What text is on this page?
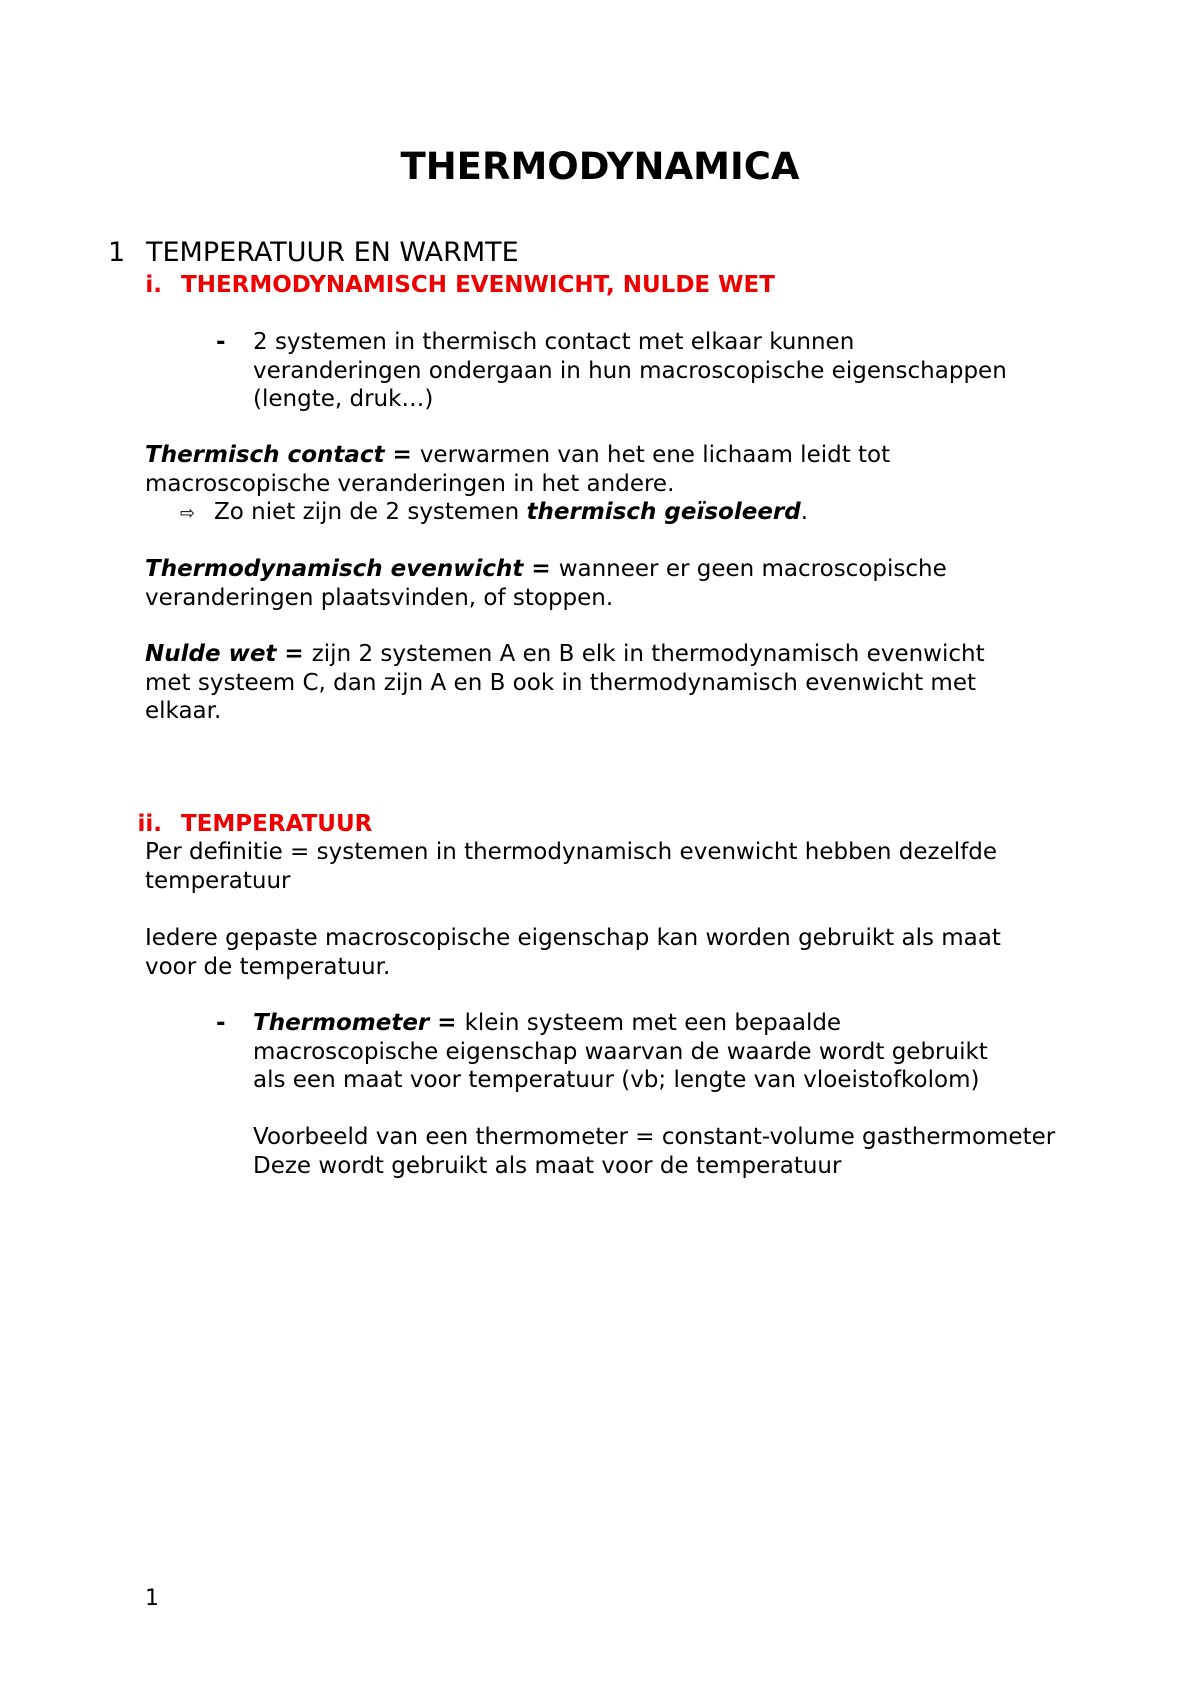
THERMODYNAMICA
1 TEMPERATUUR EN WARMTE
i. THERMODYNAMISCH EVENWICHT, NULDE WET
- 2 systemen in thermisch contact met elkaar kunnen
veranderingen ondergaan in hun macroscopische eigenschappen
(lengte, druk…)
Thermisch contact = verwarmen van het ene lichaam leidt tot
macroscopische veranderingen in het andere.
⇨ Zo niet zijn de 2 systemen thermisch geïsoleerd.
Thermodynamisch evenwicht = wanneer er geen macroscopische
veranderingen plaatsvinden, of stoppen.
Nulde wet = zijn 2 systemen A en B elk in thermodynamisch evenwicht
met systeem C, dan zijn A en B ook in thermodynamisch evenwicht met
elkaar.
ii. TEMPERATUUR
Per definitie = systemen in thermodynamisch evenwicht hebben dezelfde
temperatuur
Iedere gepaste macroscopische eigenschap kan worden gebruikt als maat
voor de temperatuur.
- Thermometer = klein systeem met een bepaalde
macroscopische eigenschap waarvan de waarde wordt gebruikt
als een maat voor temperatuur (vb; lengte van vloeistofkolom)
Voorbeeld van een thermometer = constant-volume gasthermometer
Deze wordt gebruikt als maat voor de temperatuur
1
